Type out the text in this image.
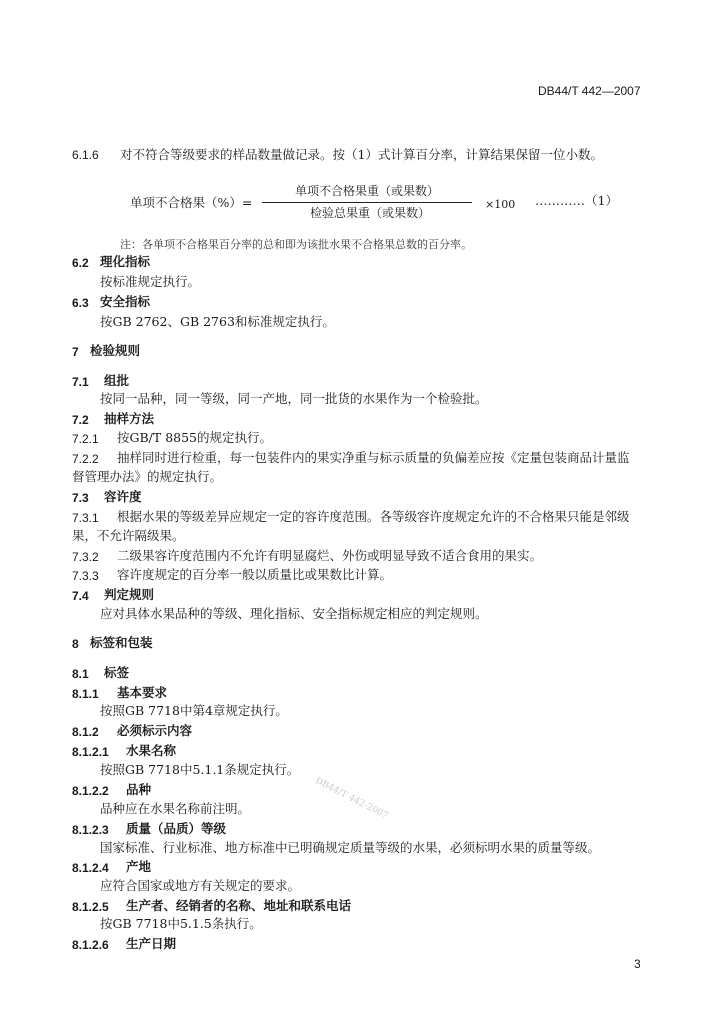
DB44/T 442—2007
6.1.6 对不符合等级要求的样品数量做记录。按（1）式计算百分率，计算结果保留一位小数。
单项不合格果（%）=
单项不合格果重（或果数）
检验总果重（或果数）
×100 …………（1）
注：各单项不合格果百分率的总和即为该批水果不合格果总数的百分率。
6.2 理化指标
按标准规定执行。
6.3 安全指标
按GB 2762、GB 2763和标准规定执行。
7 检验规则
7.1 组批
按同一品种，同一等级，同一产地，同一批货的水果作为一个检验批。
7.2 抽样方法
7.2.1 按GB/T 8855的规定执行。
7.2.2 抽样同时进行检重，每一包装件内的果实净重与标示质量的负偏差应按《定量包装商品计量监
督管理办法》的规定执行。
7.3 容许度
7.3.1 根据水果的等级差异应规定一定的容许度范围。各等级容许度规定允许的不合格果只能是邻级
果，不允许隔级果。
7.3.2 二级果容许度范围内不允许有明显腐烂、外伤或明显导致不适合食用的果实。
7.3.3 容许度规定的百分率一般以质量比或果数比计算。
7.4 判定规则
应对具体水果品种的等级、理化指标、安全指标规定相应的判定规则。
8 标签和包装
8.1 标签
8.1.1 基本要求
按照GB 7718中第4章规定执行。
8.1.2 必须标示内容
8.1.2.1 水果名称
按照GB 7718中5.1.1条规定执行。
8.1.2.2 品种
品种应在水果名称前注明。
8.1.2.3 质量（品质）等级
国家标准、行业标准、地方标准中已明确规定质量等级的水果，必须标明水果的质量等级。
8.1.2.4 产地
应符合国家或地方有关规定的要求。
8.1.2.5 生产者、经销者的名称、地址和联系电话
按GB 7718中5.1.5条执行。
8.1.2.6 生产日期
DB44/T 442-2007
3
